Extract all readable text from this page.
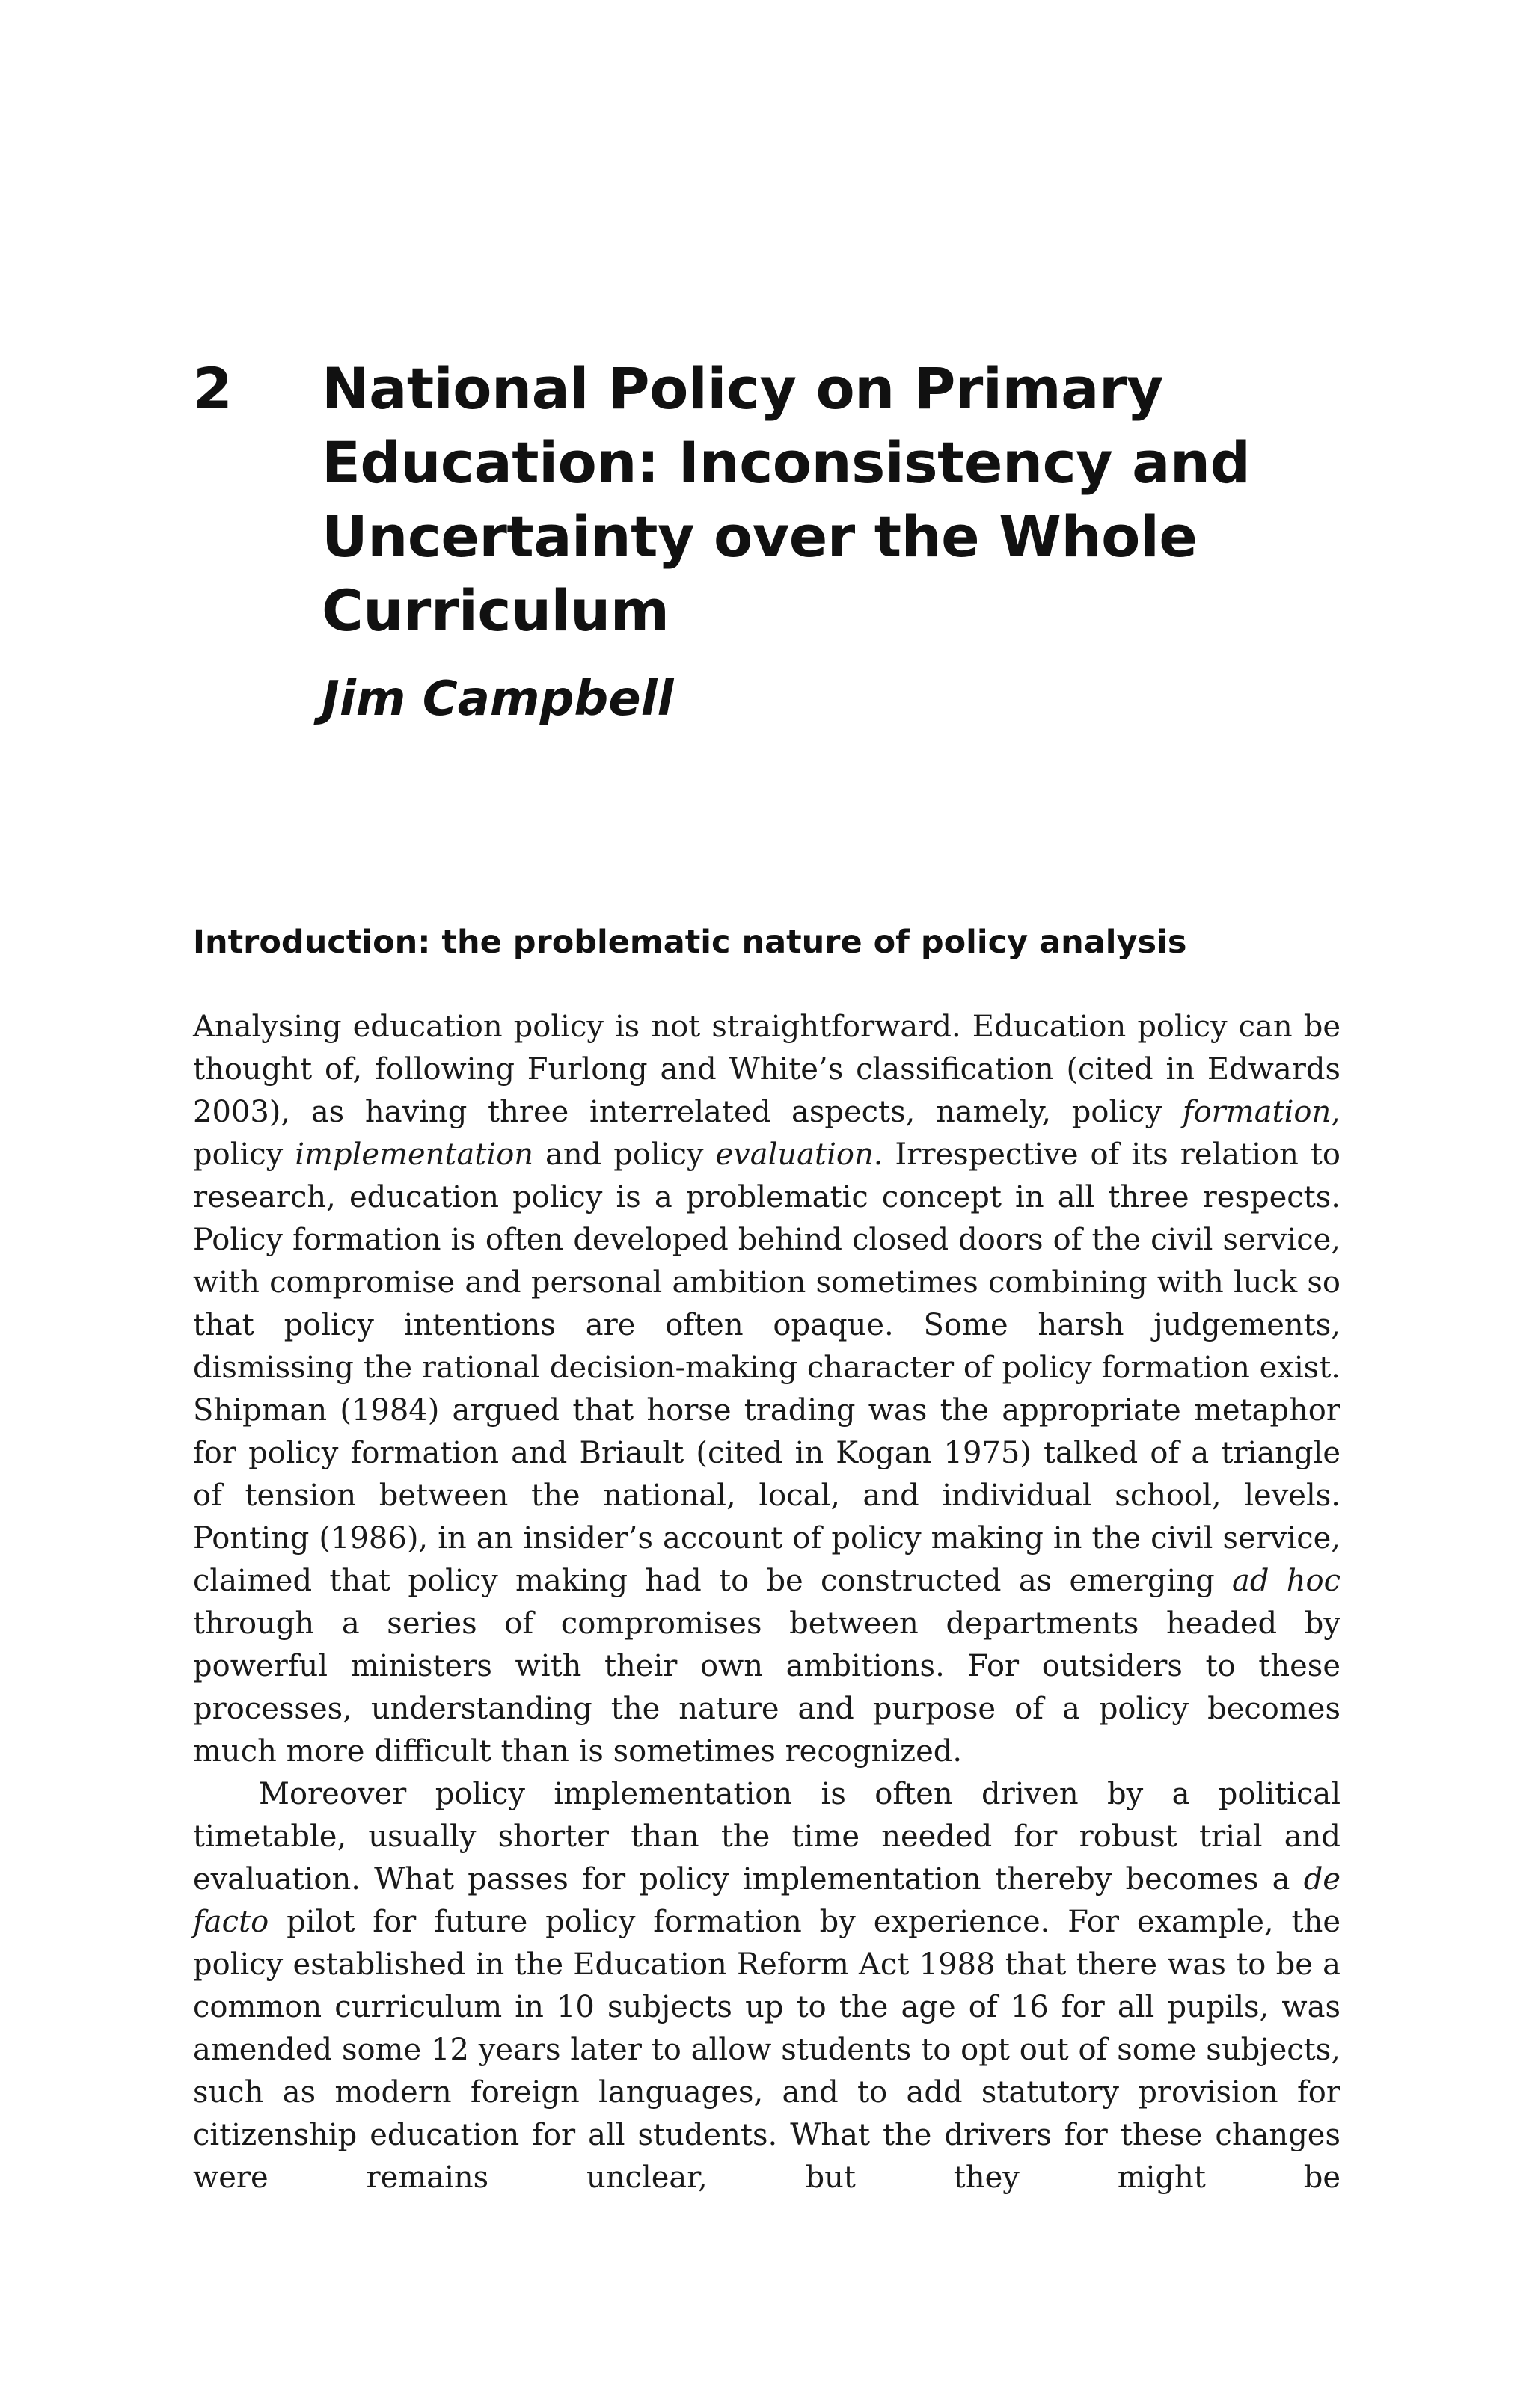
2 National Policy on Primary Education: Inconsistency and Uncertainty over the Whole Curriculum
Jim Campbell
Introduction: the problematic nature of policy analysis

Analysing education policy is not straightforward. Education policy can be thought of, following Furlong and White’s classification (cited in Edwards 2003), as having three interrelated aspects, namely, policy formation, policy implementation and policy evaluation. Irrespective of its relation to research, education policy is a problematic concept in all three respects. Policy formation is often developed behind closed doors of the civil service, with compromise and personal ambition sometimes combining with luck so that policy intentions are often opaque. Some harsh judgements, dismissing the rational decision-making character of policy formation exist. Shipman (1984) argued that horse trading was the appropriate metaphor for policy formation and Briault (cited in Kogan 1975) talked of a triangle of tension between the national, local, and individual school, levels. Ponting (1986), in an insider’s account of policy making in the civil service, claimed that policy making had to be constructed as emerging ad hoc through a series of compromises between departments headed by powerful ministers with their own ambitions. For outsiders to these processes, understanding the nature and purpose of a policy becomes much more difficult than is sometimes recognized.

Moreover policy implementation is often driven by a political timetable, usually shorter than the time needed for robust trial and evaluation. What passes for policy implementation thereby becomes a de facto pilot for future policy formation by experience. For example, the policy established in the Education Reform Act 1988 that there was to be a common curriculum in 10 subjects up to the age of 16 for all pupils, was amended some 12 years later to allow students to opt out of some subjects, such as modern foreign languages, and to add statutory provision for citizenship education for all students. What the drivers for these changes were remains unclear, but they might be
